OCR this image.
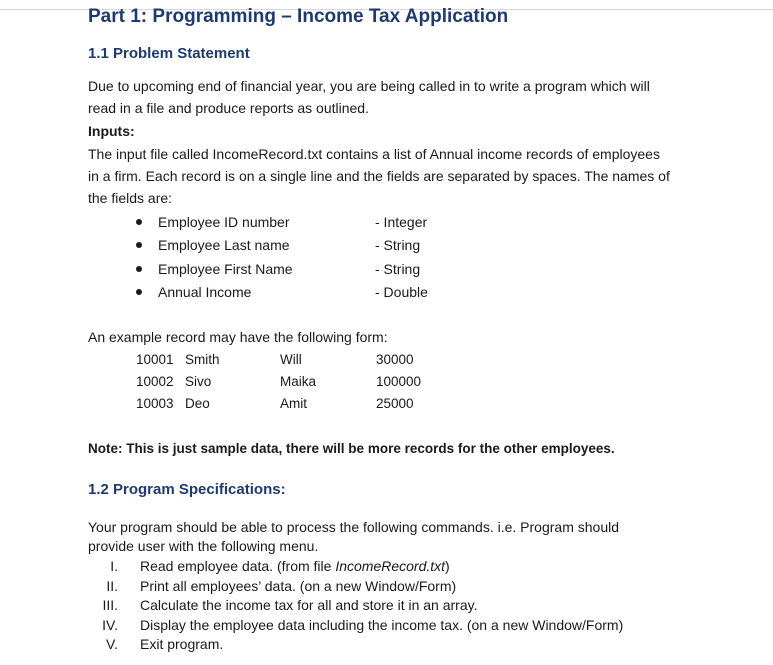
Part 1: Programming – Income Tax Application
1.1 Problem Statement
Due to upcoming end of financial year, you are being called in to write a program which will
read in a file and produce reports as outlined.
Inputs:
The input file called IncomeRecord.txt contains a list of Annual income records of employees
in a firm. Each record is on a single line and the fields are separated by spaces. The names of
the fields are:
Employee ID number	- Integer
Employee Last name	- String
Employee First Name	- String
Annual Income	- Double
An example record may have the following form:
10001 Smith	Will	30000
10002 Sivo	Maika	100000
10003 Deo	Amit	25000
Note: This is just sample data, there will be more records for the other employees.
1.2 Program Specifications:
Your program should be able to process the following commands. i.e. Program should
provide user with the following menu.
I. Read employee data. (from file IncomeRecord.txt)
II. Print all employees’ data. (on a new Window/Form)
III. Calculate the income tax for all and store it in an array.
IV. Display the employee data including the income tax. (on a new Window/Form)
V. Exit program.
